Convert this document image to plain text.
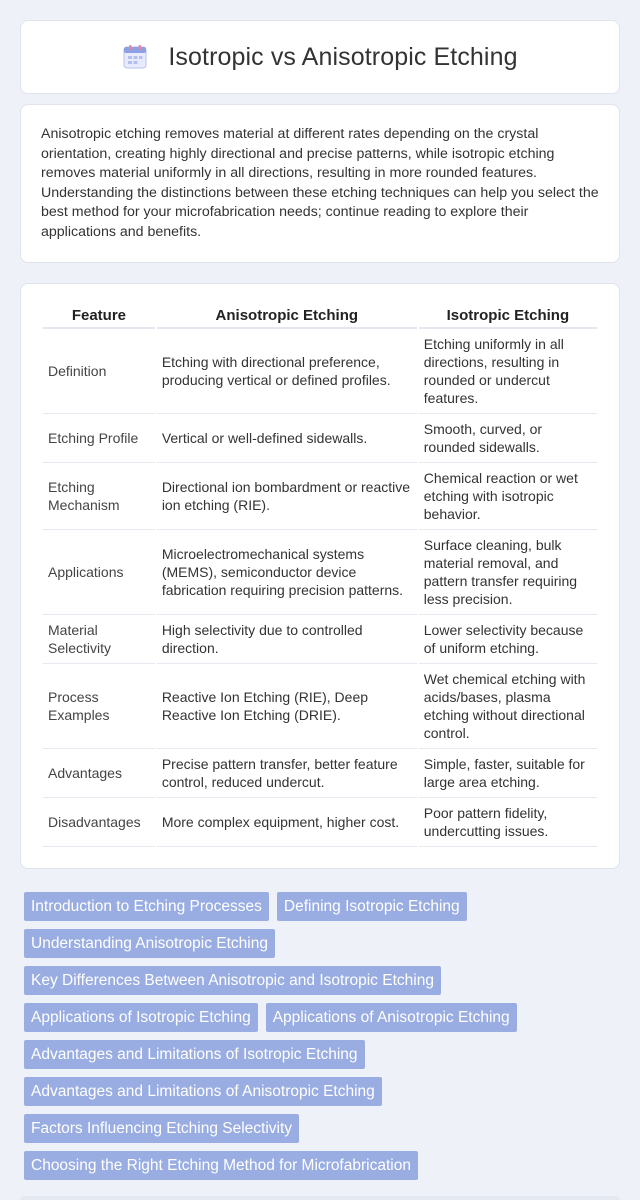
Isotropic vs Anisotropic Etching

Anisotropic etching removes material at different rates depending on the crystal orientation, creating highly directional and precise patterns, while isotropic etching removes material uniformly in all directions, resulting in more rounded features. Understanding the distinctions between these etching techniques can help you select the best method for your microfabrication needs; continue reading to explore their applications and benefits.

Feature	Anisotropic Etching	Isotropic Etching
Definition	Etching with directional preference, producing vertical or defined profiles.	Etching uniformly in all directions, resulting in rounded or undercut features.
Etching Profile	Vertical or well-defined sidewalls.	Smooth, curved, or rounded sidewalls.
Etching Mechanism	Directional ion bombardment or reactive ion etching (RIE).	Chemical reaction or wet etching with isotropic behavior.
Applications	Microelectromechanical systems (MEMS), semiconductor device fabrication requiring precision patterns.	Surface cleaning, bulk material removal, and pattern transfer requiring less precision.
Material Selectivity	High selectivity due to controlled direction.	Lower selectivity because of uniform etching.
Process Examples	Reactive Ion Etching (RIE), Deep Reactive Ion Etching (DRIE).	Wet chemical etching with acids/bases, plasma etching without directional control.
Advantages	Precise pattern transfer, better feature control, reduced undercut.	Simple, faster, suitable for large area etching.
Disadvantages	More complex equipment, higher cost.	Poor pattern fidelity, undercutting issues.
Introduction to Etching Processes	Defining Isotropic Etching
Understanding Anisotropic Etching
Key Differences Between Anisotropic and Isotropic Etching
Applications of Isotropic Etching	Applications of Anisotropic Etching
Advantages and Limitations of Isotropic Etching
Advantages and Limitations of Anisotropic Etching
Factors Influencing Etching Selectivity
Choosing the Right Etching Method for Microfabrication
